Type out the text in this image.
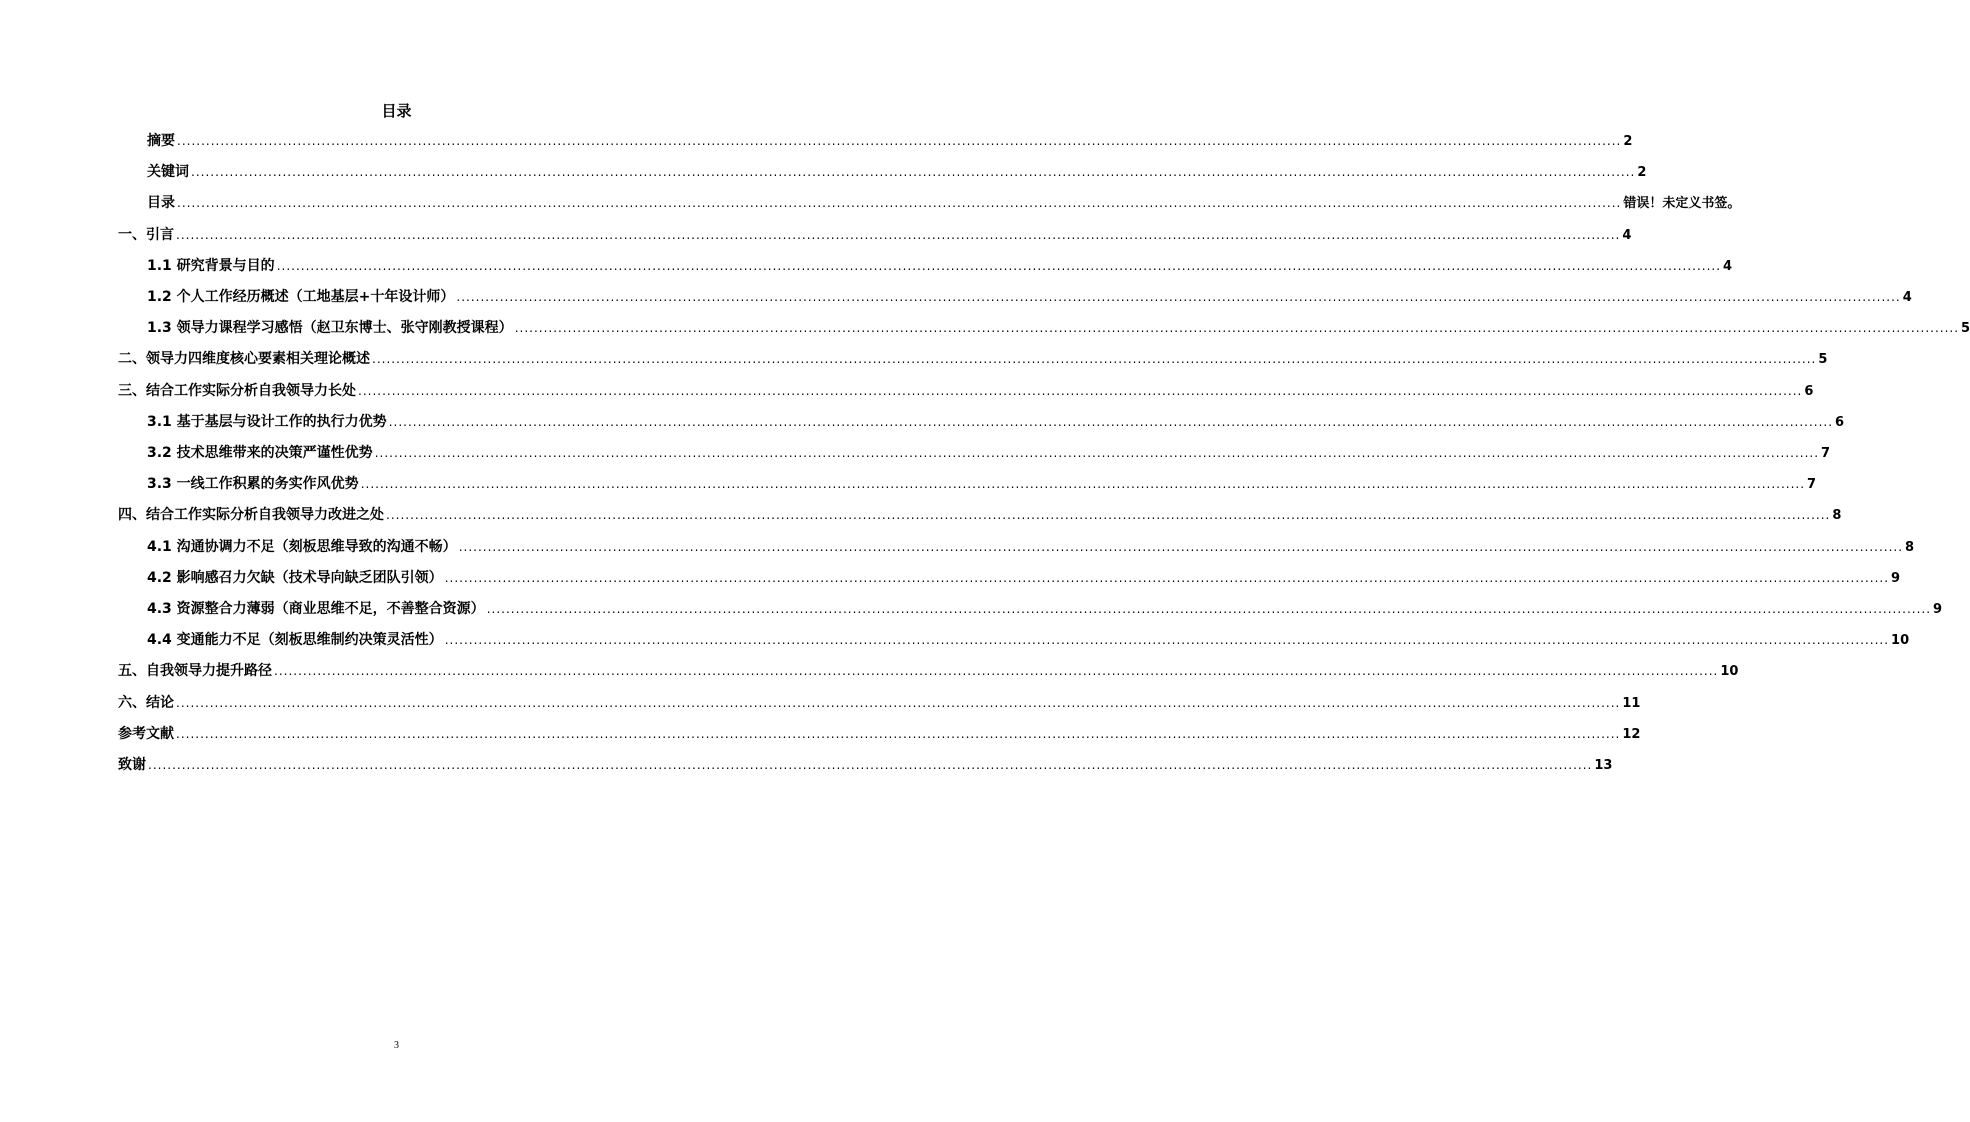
目录
摘要 ............................................................................................................................................................................................................................................................................................................ 2
关键词 ............................................................................................................................................................................................................................................................................................................ 2
目录 ............................................................................................................................................................................................................................................................................................................ 错误！未定义书签。
一、引言 ............................................................................................................................................................................................................................................................................................................ 4
1.1 研究背景与目的 ............................................................................................................................................................................................................................................................................................................ 4
1.2 个人工作经历概述（工地基层+十年设计师） ............................................................................................................................................................................................................................................................................................................ 4
1.3 领导力课程学习感悟（赵卫东博士、张守刚教授课程） ............................................................................................................................................................................................................................................................................................................ 5
二、领导力四维度核心要素相关理论概述 ............................................................................................................................................................................................................................................................................................................ 5
三、结合工作实际分析自我领导力长处 ............................................................................................................................................................................................................................................................................................................ 6
3.1 基于基层与设计工作的执行力优势 ............................................................................................................................................................................................................................................................................................................ 6
3.2 技术思维带来的决策严谨性优势 ............................................................................................................................................................................................................................................................................................................ 7
3.3 一线工作积累的务实作风优势 ............................................................................................................................................................................................................................................................................................................ 7
四、结合工作实际分析自我领导力改进之处 ............................................................................................................................................................................................................................................................................................................ 8
4.1 沟通协调力不足（刻板思维导致的沟通不畅） ............................................................................................................................................................................................................................................................................................................ 8
4.2 影响感召力欠缺（技术导向缺乏团队引领） ............................................................................................................................................................................................................................................................................................................ 9
4.3 资源整合力薄弱（商业思维不足，不善整合资源） ............................................................................................................................................................................................................................................................................................................ 9
4.4 变通能力不足（刻板思维制约决策灵活性） ............................................................................................................................................................................................................................................................................................................ 10
五、自我领导力提升路径 ............................................................................................................................................................................................................................................................................................................ 10
六、结论 ............................................................................................................................................................................................................................................................................................................ 11
参考文献 ............................................................................................................................................................................................................................................................................................................ 12
致谢 ............................................................................................................................................................................................................................................................................................................ 13
3
